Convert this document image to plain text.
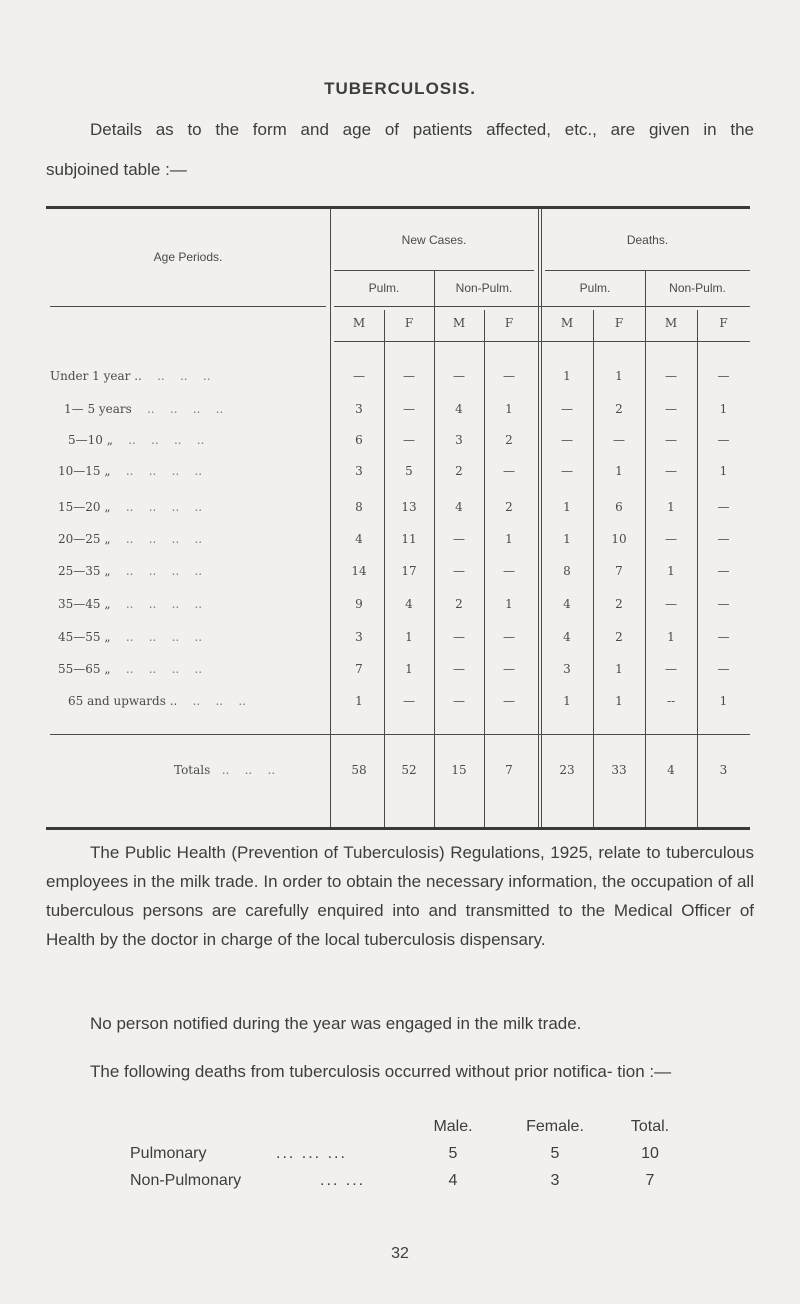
TUBERCULOSIS.
Details as to the form and age of patients affected, etc., are given in the
subjoined table :—
Age Periods.
New Cases.	Deaths.
Pulm.	Non-Pulm.	Pulm.	Non-Pulm.
M	F	M	F	M	F	M	F
Under 1 year ..    ..    ..    ..	—	—	—	—	1	1	—	—
1— 5 years    ..    ..    ..    ..	3	—	4	1	—	2	—	1
5—10 „    ..    ..    ..    ..	6	—	3	2	—	—	—	—
10—15 „    ..    ..    ..    ..	3	5	2	—	—	1	—	1
15—20 „    ..    ..    ..    ..	8	13	4	2	1	6	1	—
20—25 „    ..    ..    ..    ..	4	11	—	1	1	10	—	—
25—35 „    ..    ..    ..    ..	14	17	—	—	8	7	1	—
35—45 „    ..    ..    ..    ..	9	4	2	1	4	2	—	—
45—55 „    ..    ..    ..    ..	3	1	—	—	4	2	1	—
55—65 „    ..    ..    ..    ..	7	1	—	—	3	1	—	—
65 and upwards ..    ..    ..    ..	1	—	—	—	1	1	--	1
Totals   ..    ..    ..	58	52	15	7	23	33	4	3

The Public Health (Prevention of Tuberculosis) Regulations, 1925, relate to tuberculous employees in the milk trade. In order to obtain the necessary information, the occupation of all tuberculous persons are carefully enquired into and transmitted to the Medical Officer of Health by the doctor in charge of the local tuberculosis dispensary.

No person notified during the year was engaged in the milk trade.

The following deaths from tuberculosis occurred without prior notifica- tion :—

Male.	Female.	Total.
Pulmonary	... ... ...	5	5	10
Non-Pulmonary	... ...	4	3	7
32
